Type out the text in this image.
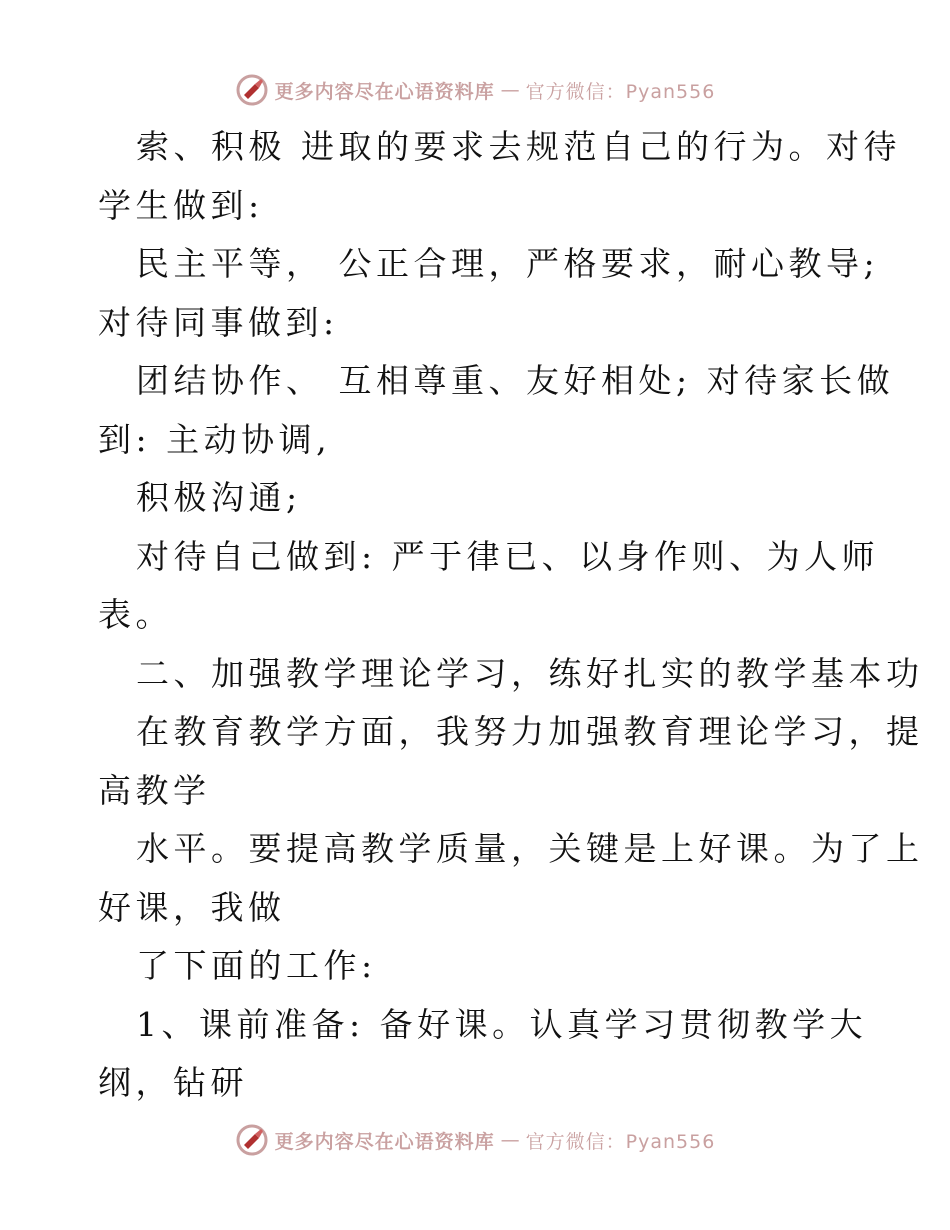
更多内容尽在心语资料库 — 官方微信：Pyan556
索、积极 进取的要求去规范自己的行为。对待
学生做到:
民主平等， 公正合理，严格要求，耐心教导;
对待同事做到:
团结协作、 互相尊重、友好相处; 对待家长做
到: 主动协调,
积极沟通;
对待自己做到: 严于律已、以身作则、为人师
表。
二、加强教学理论学习，练好扎实的教学基本功
在教育教学方面，我努力加强教育理论学习，提
高教学
水平。要提高教学质量，关键是上好课。为了上
好课，我做
了下面的工作:
1、课前准备: 备好课。认真学习贯彻教学大
纲，钻研
更多内容尽在心语资料库 — 官方微信：Pyan556
